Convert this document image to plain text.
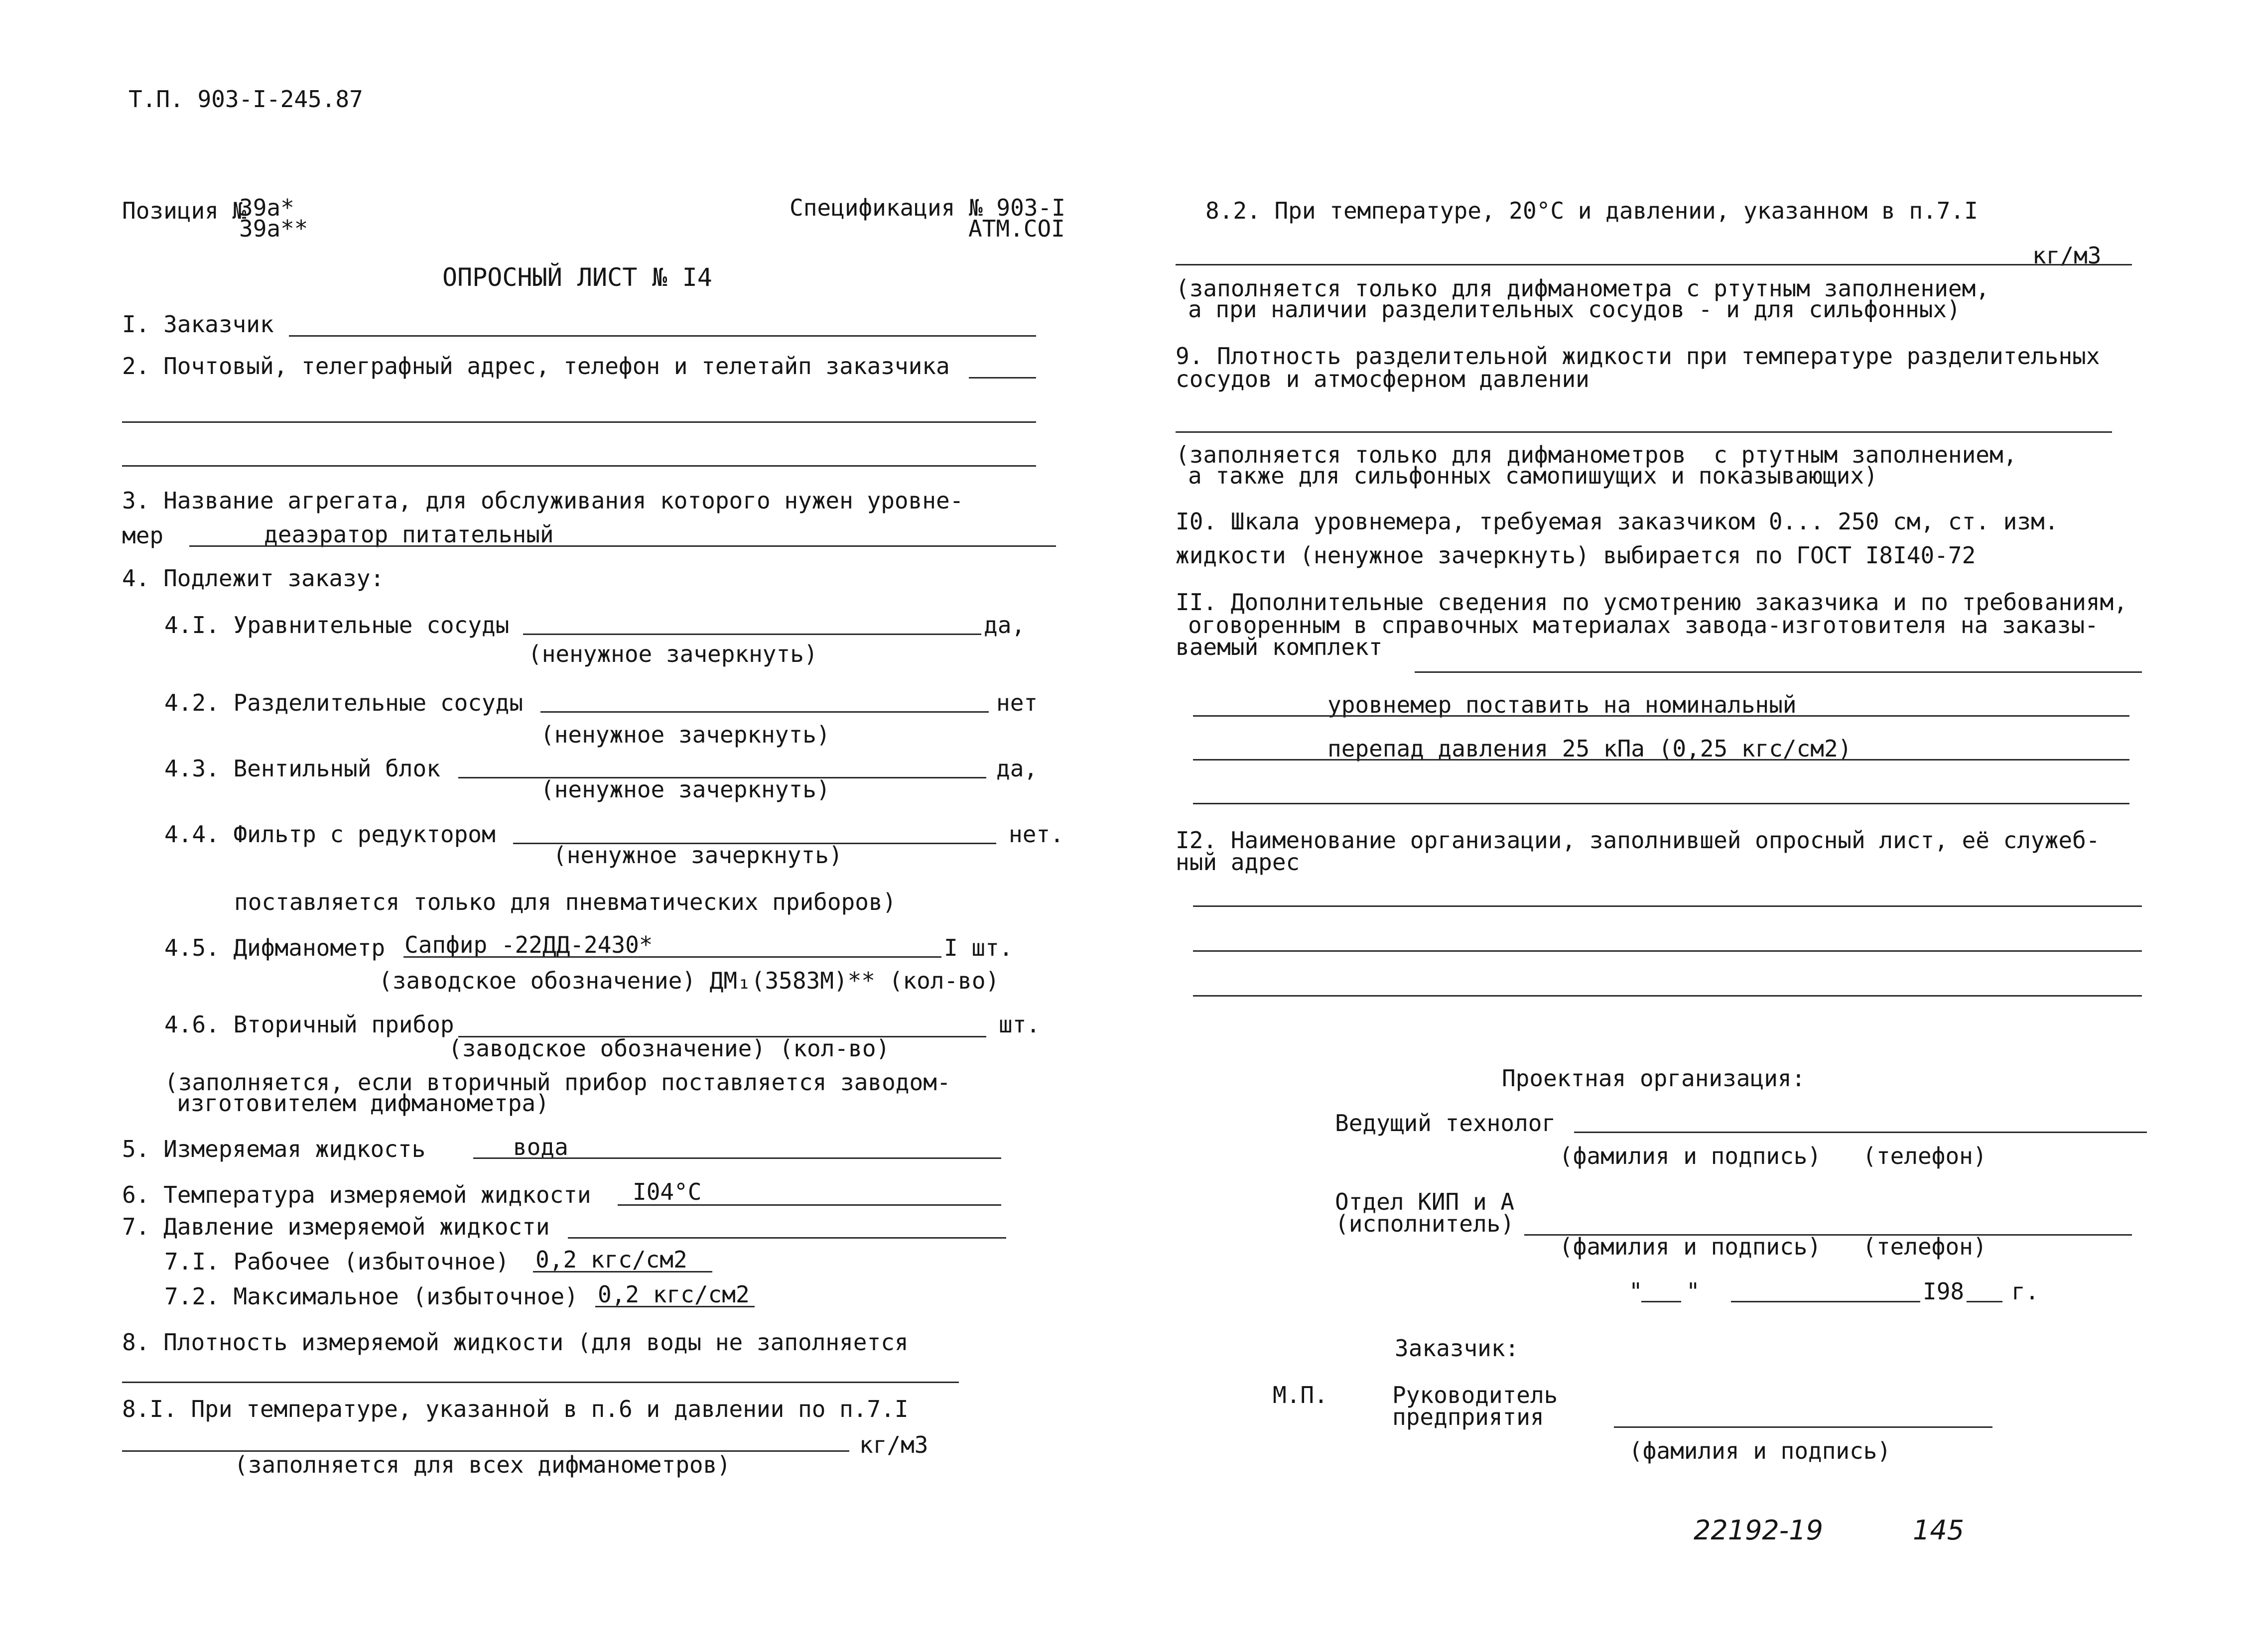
Т.П. 903-I-245.87
Позиция №
39а*
39а**
Спецификация № 903-I
АТМ.СОI
ОПРОСНЫЙ ЛИСТ № I4
I. Заказчик
2. Почтовый, телеграфный адрес, телефон и телетайп заказчика
3. Название агрегата, для обслуживания которого нужен уровне-
мер	деаэратор питательный
4. Подлежит заказу:
4.I. Уравнительные сосуды	да,
(ненужное зачеркнуть)
4.2. Разделительные сосуды	нет
(ненужное зачеркнуть)
4.3. Вентильный блок	да,
(ненужное зачеркнуть)
4.4. Фильтр с редуктором	нет.
(ненужное зачеркнуть)
поставляется только для пневматических приборов)
4.5. Дифманометр Сапфир -22ДД-2430*	I шт.
(заводское обозначение) ДМ₁(3583М)** (кол-во)
4.6. Вторичный прибор	шт.
(заводское обозначение) (кол-во)
(заполняется, если вторичный прибор поставляется заводом-
изготовителем дифманометра)
5. Измеряемая жидкость	вода
6. Температура измеряемой жидкости I04°С
7. Давление измеряемой жидкости
7.I. Рабочее (избыточное) 0,2 кгс/см2
7.2. Максимальное (избыточное) 0,2 кгс/см2
8. Плотность измеряемой жидкости (для воды не заполняется
8.I. При температуре, указанной в п.6 и давлении по п.7.I
кг/м3
(заполняется для всех дифманометров)
8.2. При температуре, 20°С и давлении, указанном в п.7.I
кг/м3
(заполняется только для дифманометра с ртутным заполнением,
а при наличии разделительных сосудов - и для сильфонных)
9. Плотность разделительной жидкости при температуре разделительных
сосудов и атмосферном давлении
(заполняется только для дифманометров  с ртутным заполнением,
а также для сильфонных самопишущих и показывающих)
I0. Шкала уровнемера, требуемая заказчиком 0... 250 см, ст. изм.
жидкости (ненужное зачеркнуть) выбирается по ГОСТ I8I40-72
II. Дополнительные сведения по усмотрению заказчика и по требованиям,
оговоренным в справочных материалах завода-изготовителя на заказы-
ваемый комплект
уровнемер поставить на номинальный
перепад давления 25 кПа (0,25 кгс/см2)
I2. Наименование организации, заполнившей опросный лист, её служеб-
ный адрес
Проектная организация:
Ведущий технолог
(фамилия и подпись)   (телефон)
Отдел КИП и А
(исполнитель)
(фамилия и подпись)   (телефон)
" "	I98 г.
Заказчик:
М.П.	Руководитель
предприятия
(фамилия и подпись)
22192-19	145
